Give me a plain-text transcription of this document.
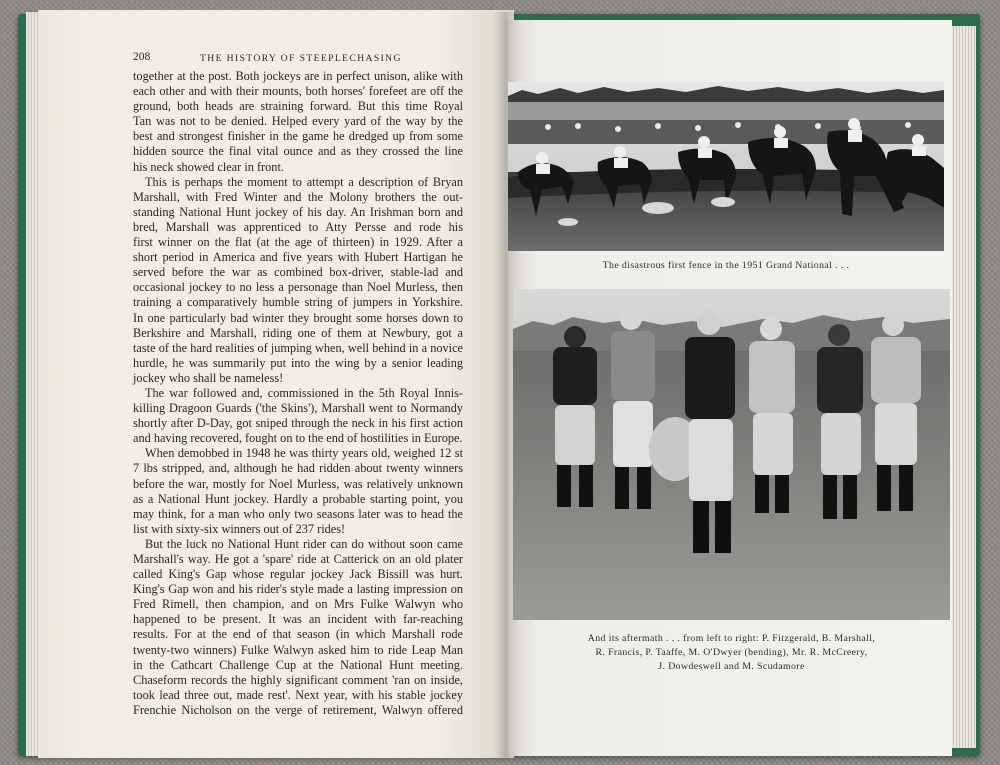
208	THE HISTORY OF STEEPLECHASING
together at the post. Both jockeys are in perfect unison, alike with
each other and with their mounts, both horses' forefeet are off the
ground, both heads are straining forward. But this time Royal
Tan was not to be denied. Helped every yard of the way by the
best and strongest finisher in the game he dredged up from some
hidden source the final vital ounce and as they crossed the line
his neck showed clear in front.
This is perhaps the moment to attempt a description of Bryan
Marshall, with Fred Winter and the Molony brothers the out-
standing National Hunt jockey of his day. An Irishman born and
bred, Marshall was apprenticed to Atty Persse and rode his
first winner on the flat (at the age of thirteen) in 1929. After a
short period in America and five years with Hubert Hartigan he
served before the war as combined box-driver, stable-lad and
occasional jockey to no less a personage than Noel Murless, then
training a comparatively humble string of jumpers in Yorkshire.
In one particularly bad winter they brought some horses down to
Berkshire and Marshall, riding one of them at Newbury, got a
taste of the hard realities of jumping when, well behind in a novice
hurdle, he was summarily put into the wing by a senior leading
jockey who shall be nameless!
The war followed and, commissioned in the 5th Royal Innis-
killing Dragoon Guards ('the Skins'), Marshall went to Normandy
shortly after D-Day, got sniped through the neck in his first action
and having recovered, fought on to the end of hostilities in Europe.
When demobbed in 1948 he was thirty years old, weighed 12 st
7 lbs stripped, and, although he had ridden about twenty winners
before the war, mostly for Noel Murless, was relatively unknown
as a National Hunt jockey. Hardly a probable starting point, you
may think, for a man who only two seasons later was to head the
list with sixty-six winners out of 237 rides!
But the luck no National Hunt rider can do without soon came
Marshall's way. He got a 'spare' ride at Catterick on an old plater
called King's Gap whose regular jockey Jack Bissill was hurt.
King's Gap won and his rider's style made a lasting impression on
Fred Rimell, then champion, and on Mrs Fulke Walwyn who
happened to be present. It was an incident with far-reaching
results. For at the end of that season (in which Marshall rode
twenty-two winners) Fulke Walwyn asked him to ride Leap Man
in the Cathcart Challenge Cup at the National Hunt meeting.
Chaseform records the highly significant comment 'ran on inside,
took lead three out, made rest'. Next year, with his stable jockey
Frenchie Nicholson on the verge of retirement, Walwyn offered
The disastrous first fence in the 1951 Grand National . . .
And its aftermath . . . from left to right: P. Fitzgerald, B. Marshall,
R. Francis, P. Taaffe, M. O'Dwyer (bending), Mr. R. McCreery,
J. Dowdeswell and M. Scudamore
